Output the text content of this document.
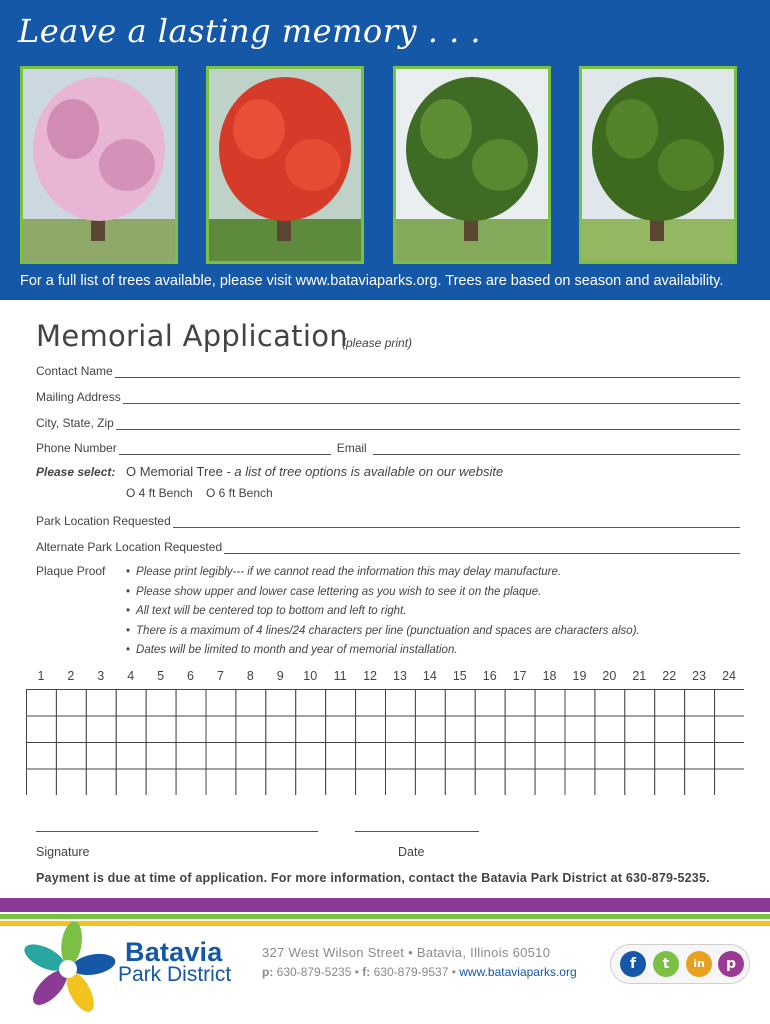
Leave a lasting memory . . .
For a full list of trees available, please visit www.bataviaparks.org. Trees are based on season and availability.
Memorial Application
(please print)
Contact Name
Mailing Address
City, State, Zip
Phone Number	Email
Please select: O Memorial Tree - a list of tree options is available on our website
O 4 ft Bench O 6 ft Bench
Park Location Requested
Alternate Park Location Requested
Plaque Proof
•	Please print legibly--- if we cannot read the information this may delay manufacture.
• Please show upper and lower case lettering as you wish to see it on the plaque.
• All text will be centered top to bottom and left to right.
• There is a maximum of 4 lines/24 characters per line (punctuation and spaces are characters also).
• Dates will be limited to month and year of memorial installation.
1	2	3	4	5	6	7	8	9	10 11 12 13 14 15 16 17 18 19 20 21 22 23 24
Signature	Date
Payment is due at time of application. For more information, contact the Batavia Park District at 630-879-5235.
Batavia
Park District
327 West Wilson Street • Batavia, Illinois 60510
p: 630-879-5235 • f: 630-879-9537 • www.bataviaparks.org	f	t	in	p
